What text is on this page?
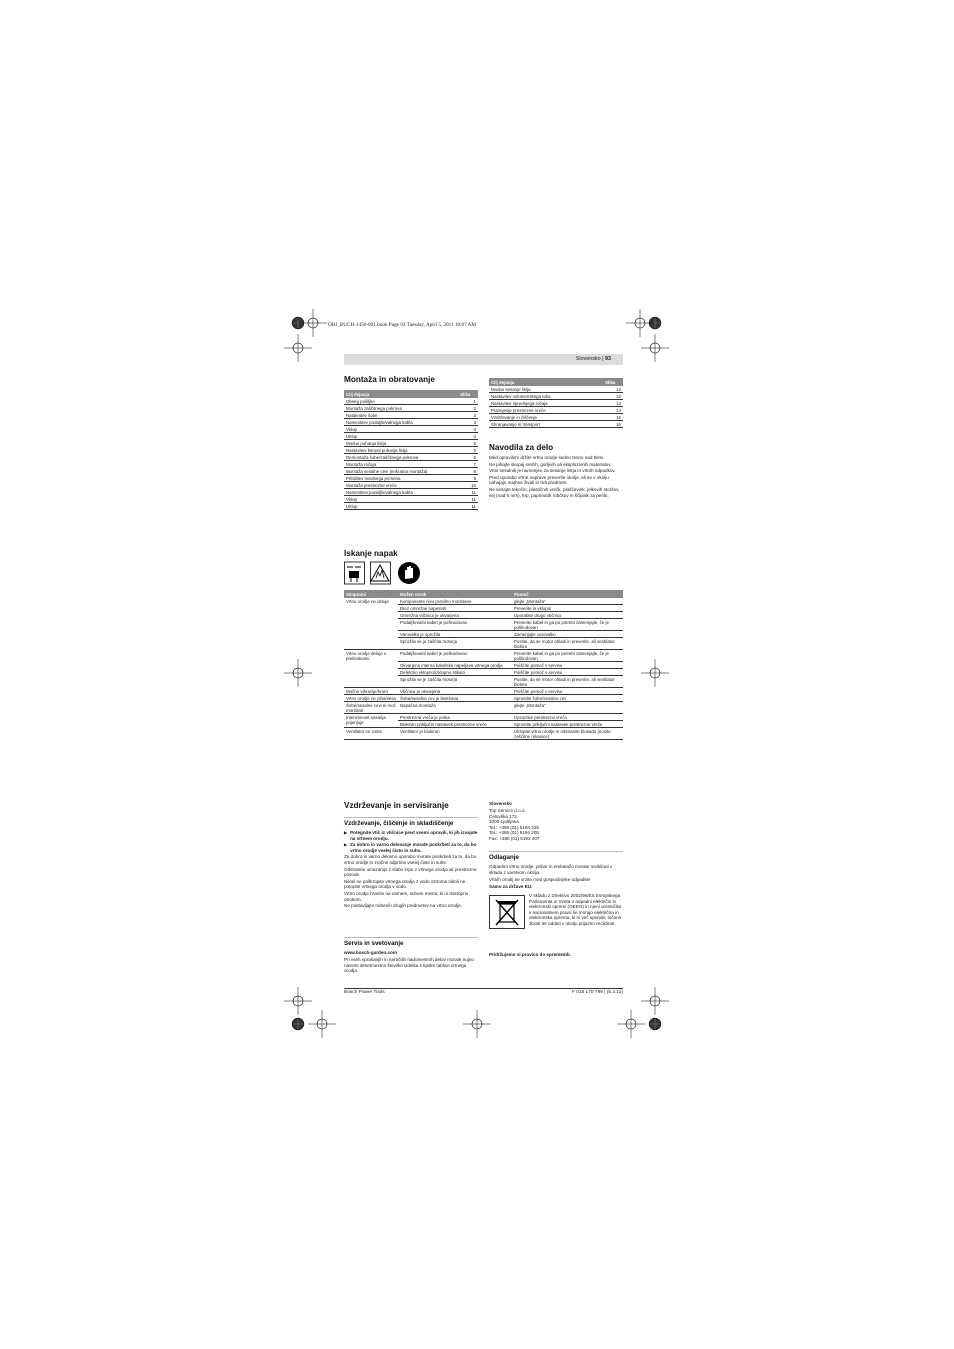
OBJ_BUCH-1456-001.book Page 93 Tuesday, April 5, 2011 10:07 AM
Slovensko | 93
Montaža in obratovanje
Cilj dejanja	Slika
Obseg pošiljke	1
Montaža zaščitnega pokrova	2
Nataknitev šobe	3
Namestitev podaljševalnega kabla	4
Vklop	4
Izklop	4
Modus puhanja listja	5
Nastavitev hitrosti puhanja listja	5
Demontaža šobe/zaščitnega pokrova	6
Montaža ročaja	7
Montaža sesalne cevi (enkratna montaža)	8
Pritrditev nosilnega jermena	9
Montaža prestrezne vreče	10
Namestitev podaljševalnega kabla	11
Vklop	11
Izklop	11
Cilj dejanja	Slika
Modus sesanje listja	12
Nastavitev volumenskega toka	12
Nastavitev sprednjega ročaja	13
Praznjenje prestrezne vreče	14
Vzdrževanje in čiščenje	15
Shranjevanje in transport	16
Navodila za delo
Med opravilom držite vrtno orodje sedno tesno nad tlemi.
Ne pihajte skupaj srečih, gorljivih ali eksplozivnih materialov.
Vrtni sesalnik je namenjen za sesanje listja in vrtnih odpadkov.
Pred uporabo vrtne naprave preverite okolje, ali se v okolju nahajajo majhne živali in trdi predmeti.
Ne sesajte tekočin, plastičnih vrečk, ploščevink, jelkovih storžev, vej (nad 5 mm), krp, papirnatih robčkov in ščipalk za perilo.
Iskanje napak
Simptomi	Možen vzrok	Pomoč
Vrtno orodje ne deluje	Komponente niso pravilno montirane	glejte „Montaža“
	Brez omrežne napetosti	Preverite in vklopiti
	Omrežna vtičnica je okvarjena	Uporabite drugo vtičnico
	Podaljševalni kabel je poškodovan	Preverite kabel in ga po potrebi zamenjajte, če je poškodovan
	Varovalka je sprožila	Zamenjajte varovalko
	Sprožila se je zaščita motorja	Pustite, da se motor ohladi in preverite, ali ventilator blokira
Vrtno orodje deluje s prekinitvami	Podaljševalni kabel je poškodovan	Preverite kabel in ga po potrebi zamenjajte, če je poškodovan
	Okvarjena interna kabelska napeljava vrtnega orodja	Poiščite pomoč v servisu
	Defektno vklopno/izklopno stikalo	Poiščite pomoč v servisu
	Sprožila se je zaščita motorja	Pustite, da se motor ohladi in preverite, ali ventilator blokira
Močne vibracije/hrum	Vtičnica je okvarjena	Poiščite pomoč v servisu
Vrtno orodje ne piha/sesa	Šoba/sesalna cev je blokirana	Sprostite šobo/sesalno cev
Šobe/sesalne cevi ni moč montirati	Napačna montaža	glejte „Montaža“
Intenzivnost sesanja pojenjuje	Prestrezna vreča je polna	Izpraznite prestrezno vrečo
	Blokiran priključni nastavek prestrezne vreče	Sprostite priključni nastavek prestrezne vreče
Ventilator ne rotira	Ventilator je blokiran	Izklopite vrtno orodje in odstranite blokado (nosite zaščitne rokavice)
Vzdrževanje in servisiranje
Vzdrževanje, čiščenje in skladiščenje
▶ Potegnite vtič iz vtičnice pred vsemi opravili, ki jih izvajate na vrtnem orodju.
▶ Za dobro in varno delovanje morate poskrbeti za to, da bo vrtno orodje vselej čisto in suho.
Za dobro in varno delovno uporabo morate poskrbeti za to, da bo vrtno orodje in zračne odprtine vselej čiste in suhe.
Odstranite umazanijo z slabo krpo z vrtnega orodja ali prestrezne posode.
Nikoli ne poškropite vrtnega orodja z vodo oziroma nikoli ne potopite vrtnega orodja v vodo.
Vrtno orodje hranite na varnem, suhem mestu, ki ni dostopno otrokom.
Ne postavljajte nobenih drugih predmetov na vrtno orodje.
Servis in svetovanje
www.bosch-garden.com
Pri vseh vprašanjih in naročilih nadomestnih delov morate nujno navesti desetmestno številko izdelka s tipske tablice vrtnega orodja.
Slovensko
Top Service d.o.o.
Celovška 172
1000 Ljubljana
Tel.: +386 (01) 5194 225
Tel.: +386 (01) 5194 205
Fax: +386 (01) 5193 407
Odlaganje
Odpadno vrtno orodje, pribor in embalažo morate reciklirati v skladu z varstvom okolja.
Vrtnih orodij ne vrzite med gospodinjske odpadke!
Samo za države EU:
V skladu z Direktivo 2002/96/ES Evropskega Parlamenta in Sveta o odpadni električni in elektronski opremi (OEEO) in njeni uresničitvi v nacionalnem pravu se morajo električna in elektronska oprema, ki ni več uporabi, ločeno zbrati ter oddati v okolju prijazno reciklirati.
Pridržujemo si pravico do sprememb.
Bosch Power Tools	F 016 L70 799 | (5.4.11)
